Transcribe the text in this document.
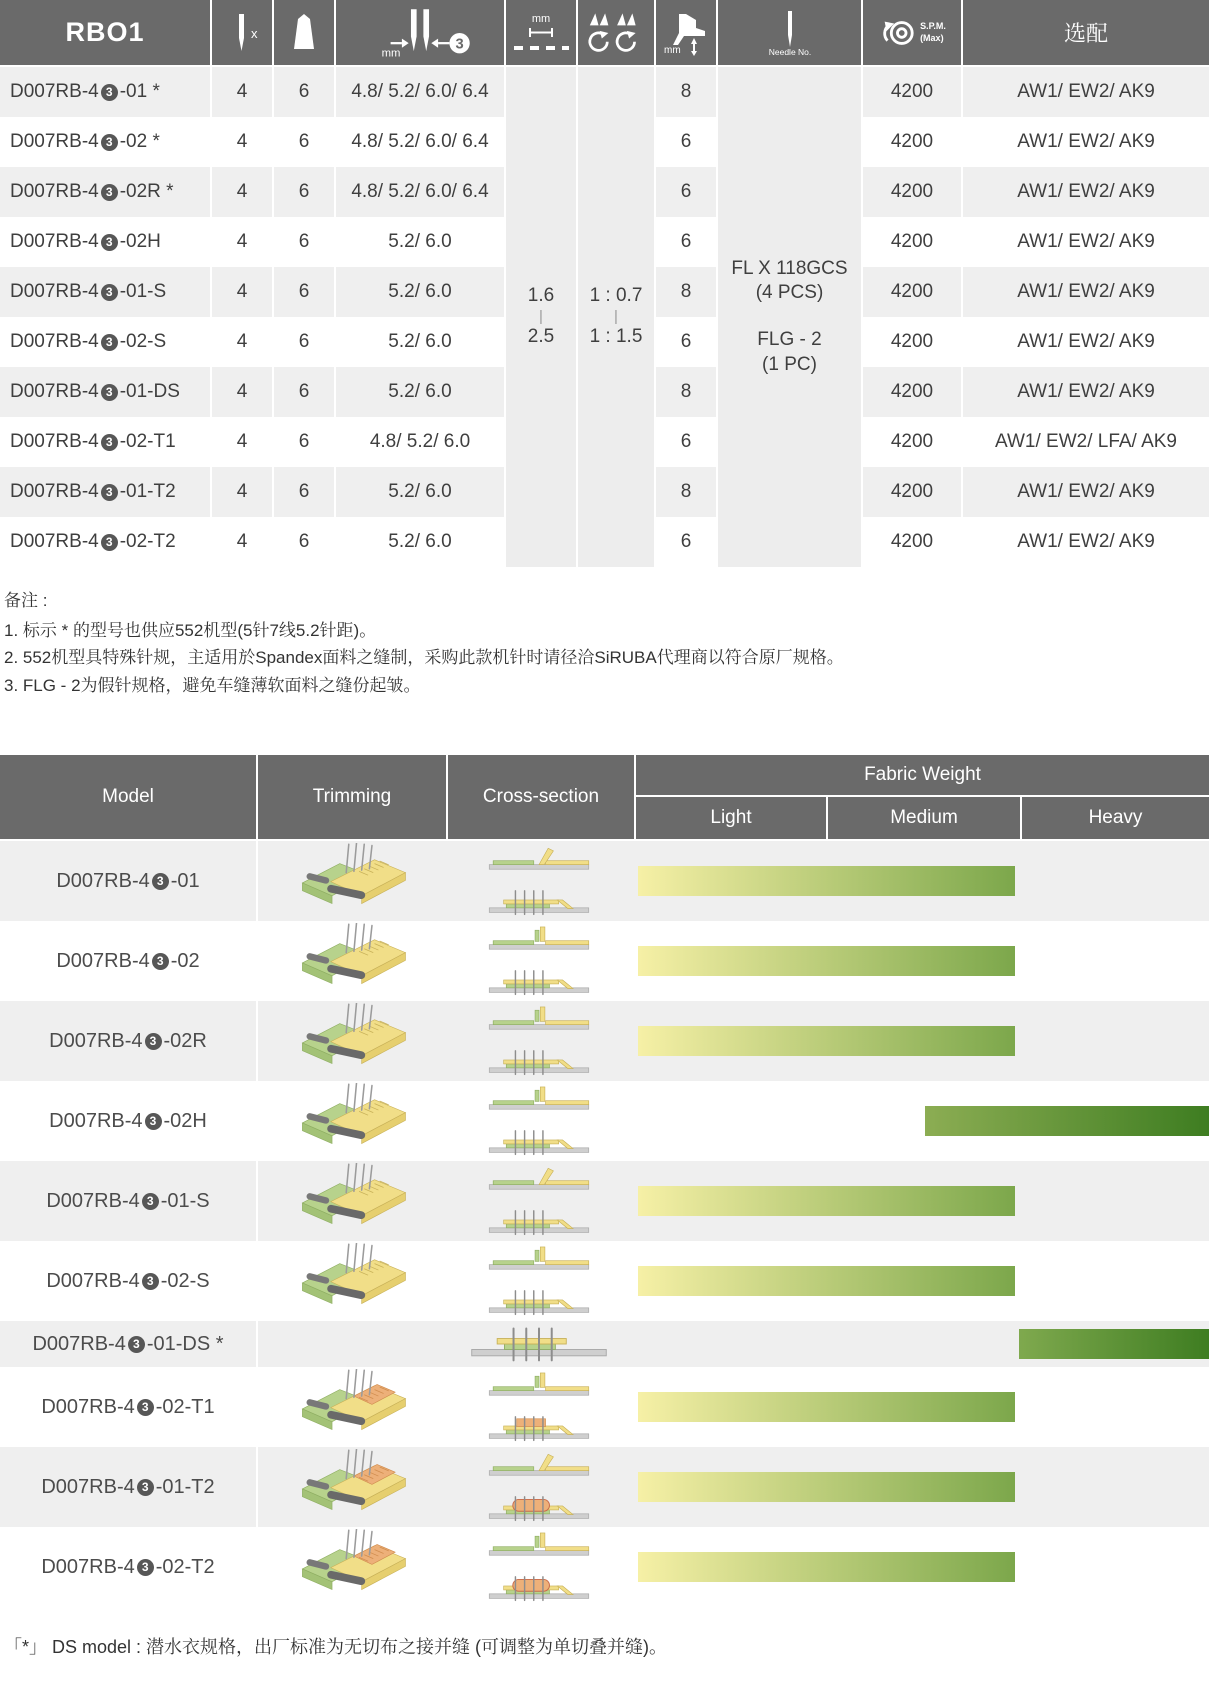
RBO1	x
mm
3
mm
mm	Needle No.
S.P.M.
(Max)	选配
1.6
|
2.5
1 : 0.7
|
1 : 1.5
FL X 118GCS
(4 PCS)
FLG - 2
(1 PC)
D007RB-4 3 -01 *	4	6	4.8/ 5.2/ 6.0/ 6.4	8	4200	AW1/ EW2/ AK9
D007RB-4 3 -02 *	4	6	4.8/ 5.2/ 6.0/ 6.4	6	4200	AW1/ EW2/ AK9
D007RB-4 3 -02R *	4	6	4.8/ 5.2/ 6.0/ 6.4	6	4200	AW1/ EW2/ AK9
D007RB-4 3 -02H	4	6	5.2/ 6.0	6	4200	AW1/ EW2/ AK9
D007RB-4 3 -01-S	4	6	5.2/ 6.0	8	4200	AW1/ EW2/ AK9
D007RB-4 3 -02-S	4	6	5.2/ 6.0	6	4200	AW1/ EW2/ AK9
D007RB-4 3 -01-DS	4	6	5.2/ 6.0	8	4200	AW1/ EW2/ AK9
D007RB-4 3 -02-T1	4	6	4.8/ 5.2/ 6.0	6	4200	AW1/ EW2/ LFA/ AK9
D007RB-4 3 -01-T2	4	6	5.2/ 6.0	8	4200	AW1/ EW2/ AK9
D007RB-4 3 -02-T2	4	6	5.2/ 6.0	6	4200	AW1/ EW2/ AK9
备注 :
1. 标示 * 的型号也供应552机型(5针7线5.2针距)。
2. 552机型具特殊针规，主适用於Spandex面料之缝制，采购此款机针时请径洽SiRUBA代理商以符合原厂规格。
3. FLG - 2为假针规格，避免车缝薄软面料之缝份起皱。
Model	Trimming	Cross-section
Fabric Weight
Light	Medium	Heavy
D007RB-4 3 -01
D007RB-4 3 -02
D007RB-4 3 -02R
D007RB-4 3 -02H
D007RB-4 3 -01-S
D007RB-4 3 -02-S
D007RB-4 3 -01-DS *
D007RB-4 3 -02-T1
D007RB-4 3 -01-T2
D007RB-4 3 -02-T2
「*」 DS model : 潜水衣规格，出厂标准为无切布之接并缝 (可调整为单切叠并缝)。
